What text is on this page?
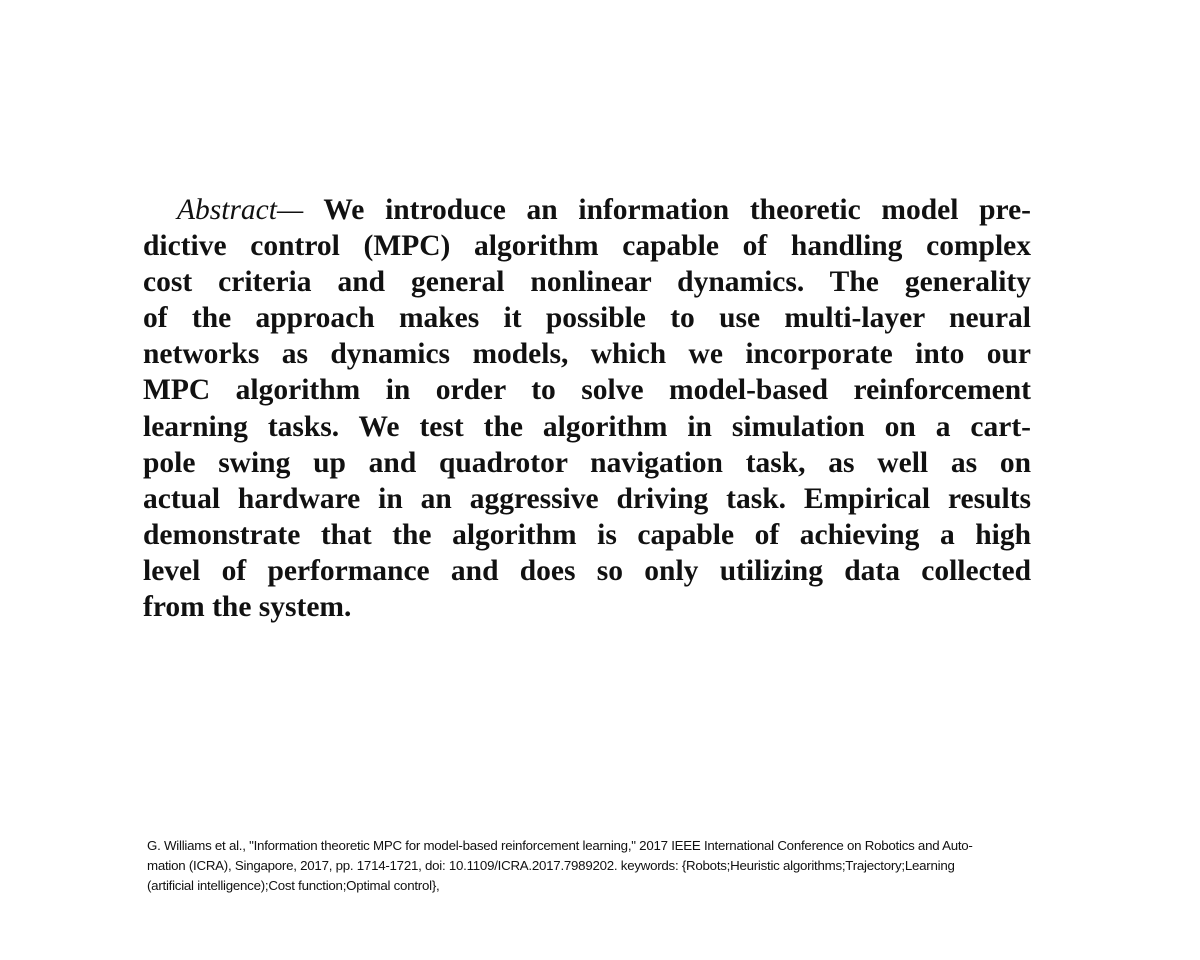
Abstract— We introduce an information theoretic model pre-
dictive control (MPC) algorithm capable of handling complex
cost criteria and general nonlinear dynamics. The generality
of the approach makes it possible to use multi-layer neural
networks as dynamics models, which we incorporate into our
MPC algorithm in order to solve model-based reinforcement
learning tasks. We test the algorithm in simulation on a cart-
pole swing up and quadrotor navigation task, as well as on
actual hardware in an aggressive driving task. Empirical results
demonstrate that the algorithm is capable of achieving a high
level of performance and does so only utilizing data collected
from the system.
G. Williams et al., "Information theoretic MPC for model-based reinforcement learning," 2017 IEEE International Conference on Robotics and Auto-
mation (ICRA), Singapore, 2017, pp. 1714-1721, doi: 10.1109/ICRA.2017.7989202. keywords: {Robots;Heuristic algorithms;Trajectory;Learning
(artificial intelligence);Cost function;Optimal control},
